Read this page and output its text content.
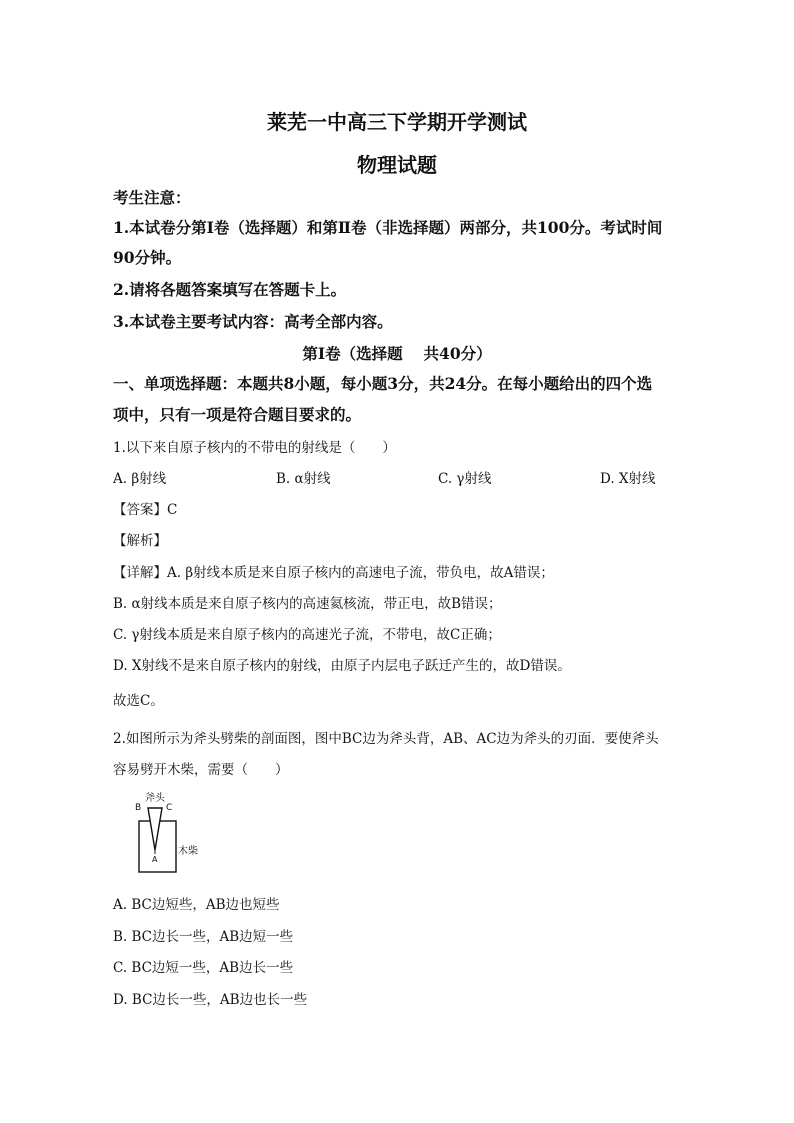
莱芜一中高三下学期开学测试
物理试题
考生注意：
1.本试卷分第Ⅰ卷（选择题）和第Ⅱ卷（非选择题）两部分，共100分。考试时间
90分钟。
2.请将各题答案填写在答题卡上。
3.本试卷主要考试内容：高考全部内容。
第Ⅰ卷（选择题　 共40分）
一、单项选择题：本题共8小题，每小题3分，共24分。在每小题给出的四个选
项中，只有一项是符合题目要求的。
1.以下来自原子核内的不带电的射线是（　　）
A. β射线	B. α射线	C. γ射线	D. X射线
【答案】C
【解析】
【详解】A. β射线本质是来自原子核内的高速电子流，带负电，故A错误；
B. α射线本质是来自原子核内的高速氦核流，带正电，故B错误；
C. γ射线本质是来自原子核内的高速光子流，不带电，故C正确；
D. X射线不是来自原子核内的射线，由原子内层电子跃迁产生的，故D错误。
故选C。
2.如图所示为斧头劈柴的剖面图，图中BC边为斧头背，AB、AC边为斧头的刃面．要使斧头
容易劈开木柴，需要（　　）
斧头
B	C
A
木柴
A. BC边短些，AB边也短些
B. BC边长一些，AB边短一些
C. BC边短一些，AB边长一些
D. BC边长一些，AB边也长一些
